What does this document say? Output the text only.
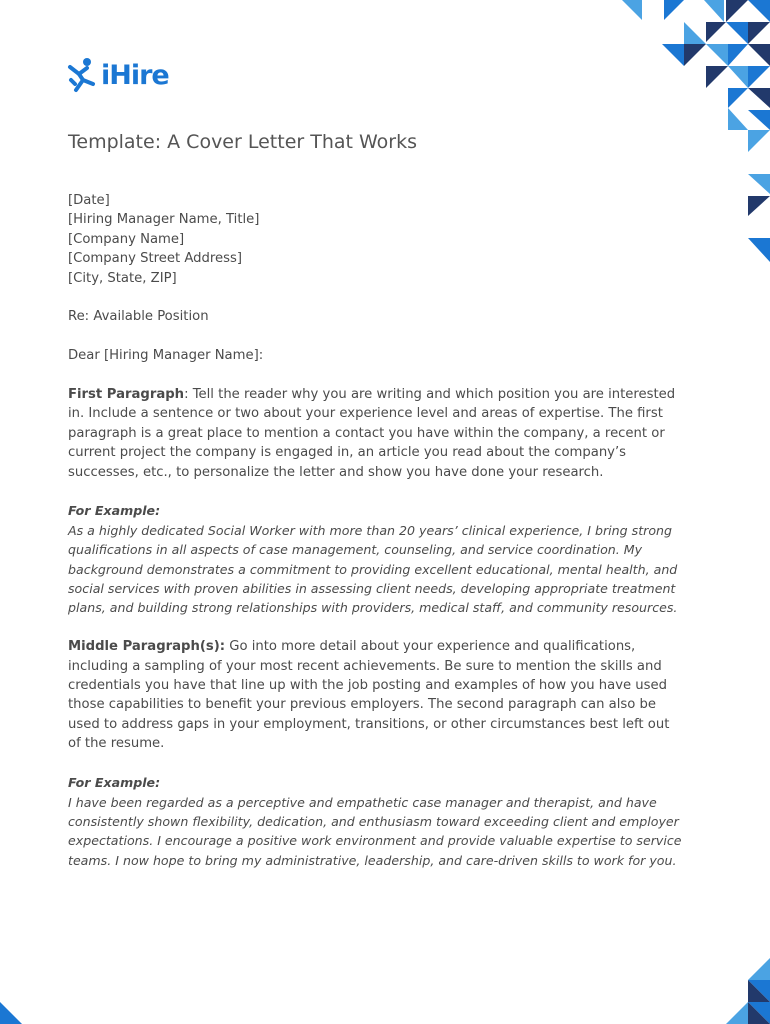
iHire
Template: A Cover Letter That Works

[Date]
[Hiring Manager Name, Title]
[Company Name]
[Company Street Address]
[City, State, ZIP]

Re: Available Position

Dear [Hiring Manager Name]:

First Paragraph: Tell the reader why you are writing and which position you are interested in. Include a sentence or two about your experience level and areas of expertise. The first paragraph is a great place to mention a contact you have within the company, a recent or current project the company is engaged in, an article you read about the company’s successes, etc., to personalize the letter and show you have done your research.

For Example:
As a highly dedicated Social Worker with more than 20 years’ clinical experience, I bring strong qualifications in all aspects of case management, counseling, and service coordination. My background demonstrates a commitment to providing excellent educational, mental health, and social services with proven abilities in assessing client needs, developing appropriate treatment plans, and building strong relationships with providers, medical staff, and community resources.

Middle Paragraph(s): Go into more detail about your experience and qualifications, including a sampling of your most recent achievements. Be sure to mention the skills and credentials you have that line up with the job posting and examples of how you have used those capabilities to benefit your previous employers. The second paragraph can also be used to address gaps in your employment, transitions, or other circumstances best left out of the resume.

For Example:
I have been regarded as a perceptive and empathetic case manager and therapist, and have consistently shown flexibility, dedication, and enthusiasm toward exceeding client and employer expectations. I encourage a positive work environment and provide valuable expertise to service teams. I now hope to bring my administrative, leadership, and care-driven skills to work for you.
